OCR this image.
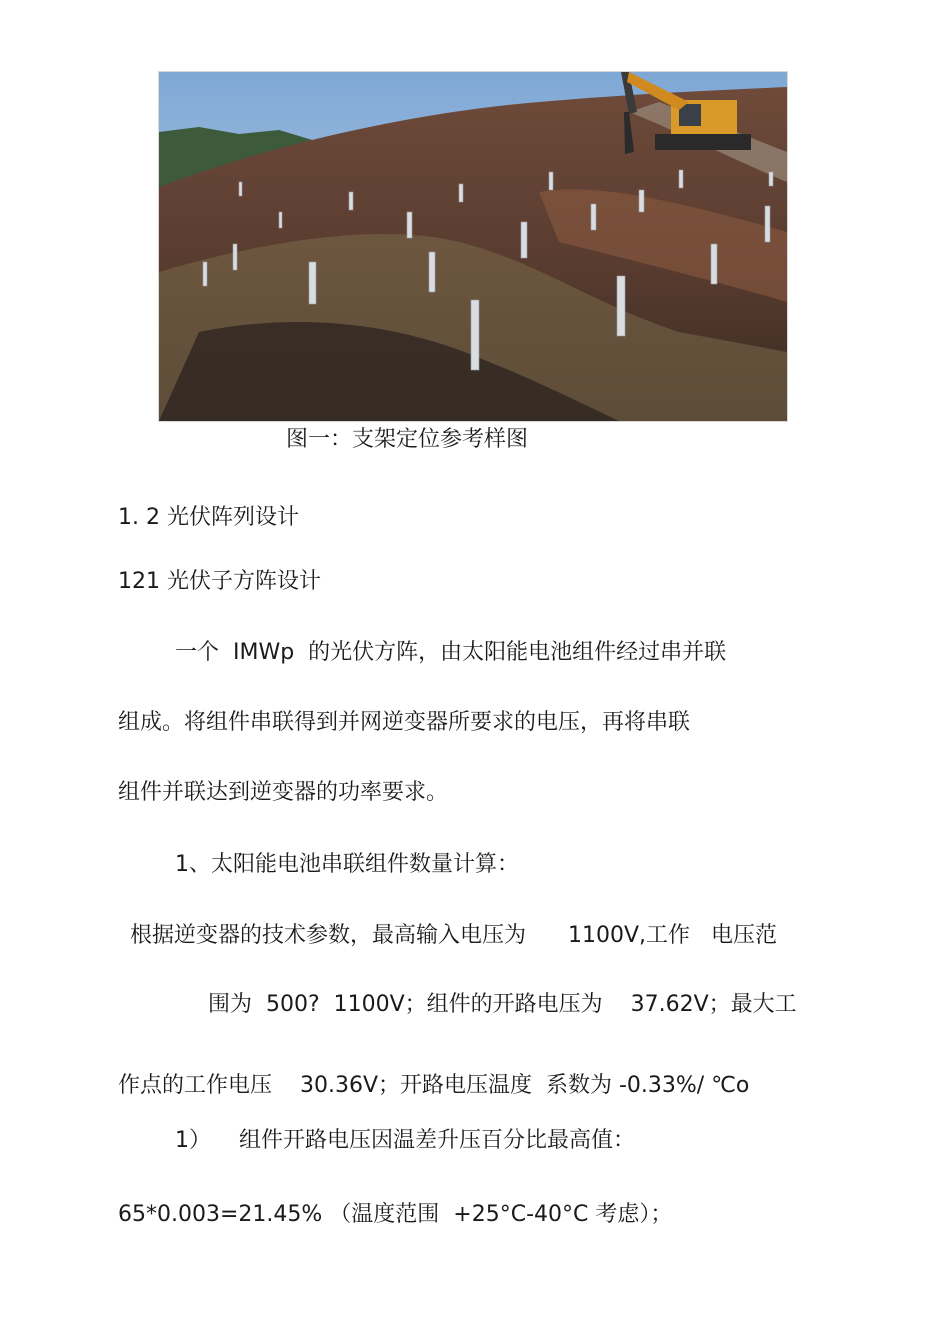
图一：支架定位参考样图

1. 2 光伏阵列设计

121 光伏子方阵设计

一个  IMWp  的光伏方阵，由太阳能电池组件经过串并联

组成。将组件串联得到并网逆变器所要求的电压，再将串联

组件并联达到逆变器的功率要求。

1、太阳能电池串联组件数量计算：

根据逆变器的技术参数，最高输入电压为      1100V,工作   电压范

围为  500?  1100V；组件的开路电压为    37.62V；最大工

作点的工作电压    30.36V；开路电压温度  系数为 -0.33%/ ℃o

1）    组件开路电压因温差升压百分比最高值：

65*0.003=21.45% （温度范围  +25°C-40°C 考虑）；
